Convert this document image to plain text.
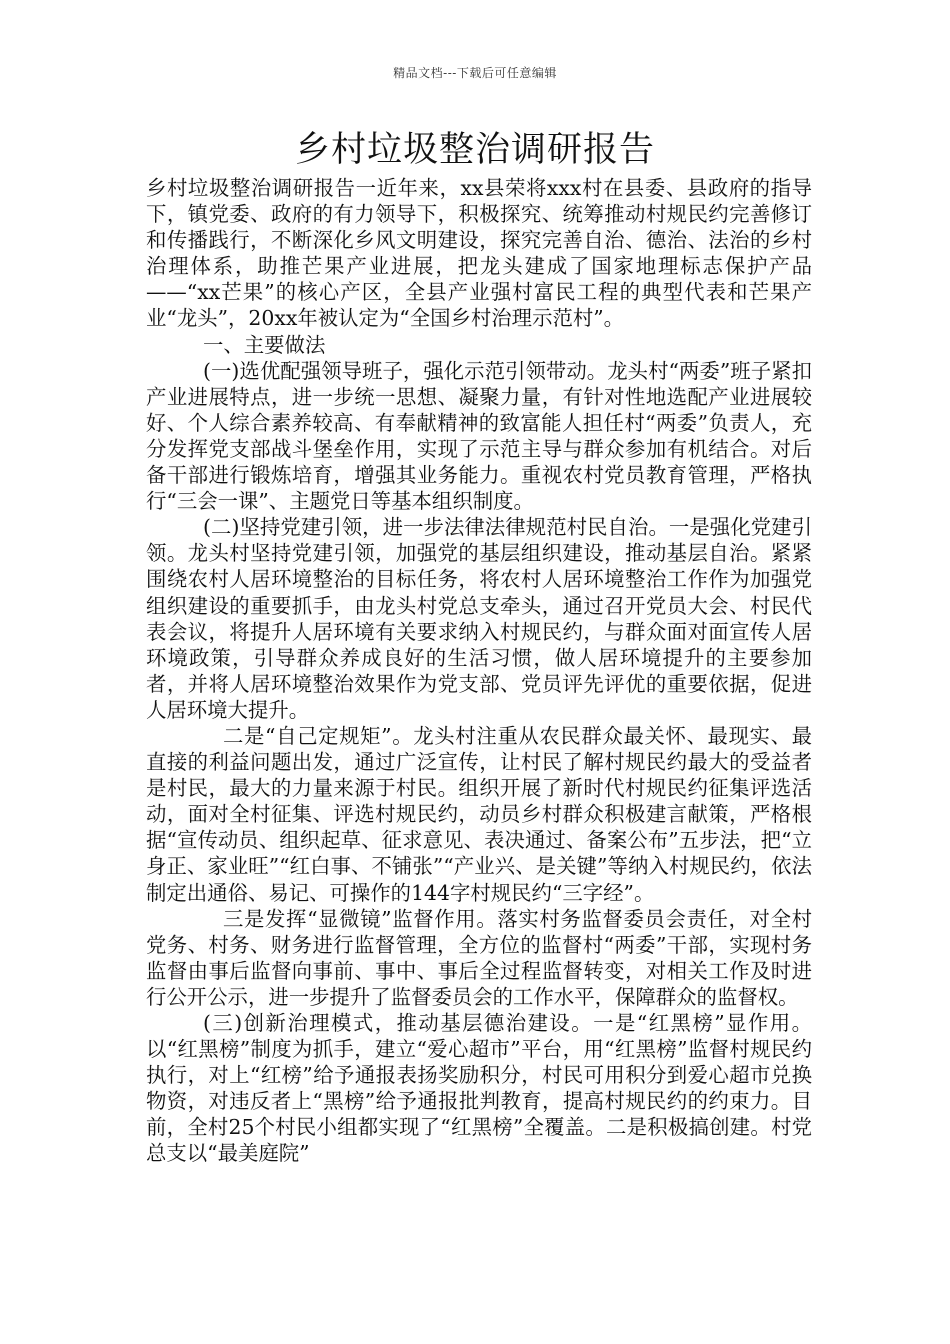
精品文档---下载后可任意编辑
乡村垃圾整治调研报告

乡村垃圾整治调研报告一近年来，xx县荣将xxx村在县委、县政府的指导下，镇党委、政府的有力领导下，积极探究、统筹推动村规民约完善修订和传播践行，不断深化乡风文明建设，探究完善自治、德治、法治的乡村治理体系，助推芒果产业进展，把龙头建成了国家地理标志保护产品——“xx芒果”的核心产区，全县产业强村富民工程的典型代表和芒果产业“龙头”，20xx年被认定为“全国乡村治理示范村”。

一、主要做法

(一)选优配强领导班子，强化示范引领带动。龙头村“两委”班子紧扣产业进展特点，进一步统一思想、凝聚力量，有针对性地选配产业进展较好、个人综合素养较高、有奉献精神的致富能人担任村“两委”负责人，充分发挥党支部战斗堡垒作用，实现了示范主导与群众参加有机结合。对后备干部进行锻炼培育，增强其业务能力。重视农村党员教育管理，严格执行“三会一课”、主题党日等基本组织制度。

(二)坚持党建引领，进一步法律法律规范村民自治。一是强化党建引领。龙头村坚持党建引领，加强党的基层组织建设，推动基层自治。紧紧围绕农村人居环境整治的目标任务，将农村人居环境整治工作作为加强党组织建设的重要抓手，由龙头村党总支牵头，通过召开党员大会、村民代表会议，将提升人居环境有关要求纳入村规民约，与群众面对面宣传人居环境政策，引导群众养成良好的生活习惯，做人居环境提升的主要参加者，并将人居环境整治效果作为党支部、党员评先评优的重要依据，促进人居环境大提升。

二是“自己定规矩”。龙头村注重从农民群众最关怀、最现实、最直接的利益问题出发，通过广泛宣传，让村民了解村规民约最大的受益者是村民，最大的力量来源于村民。组织开展了新时代村规民约征集评选活动，面对全村征集、评选村规民约，动员乡村群众积极建言献策，严格根据“宣传动员、组织起草、征求意见、表决通过、备案公布”五步法，把“立身正、家业旺”“红白事、不铺张”“产业兴、是关键”等纳入村规民约，依法制定出通俗、易记、可操作的144字村规民约“三字经”。

三是发挥“显微镜”监督作用。落实村务监督委员会责任，对全村党务、村务、财务进行监督管理，全方位的监督村“两委”干部，实现村务监督由事后监督向事前、事中、事后全过程监督转变，对相关工作及时进行公开公示，进一步提升了监督委员会的工作水平，保障群众的监督权。

(三)创新治理模式，推动基层德治建设。一是“红黑榜”显作用。以“红黑榜”制度为抓手，建立“爱心超市”平台，用“红黑榜”监督村规民约执行，对上“红榜”给予通报表扬奖励积分，村民可用积分到爱心超市兑换物资，对违反者上“黑榜”给予通报批判教育，提高村规民约的约束力。目前，全村25个村民小组都实现了“红黑榜”全覆盖。二是积极搞创建。村党总支以“最美庭院”
